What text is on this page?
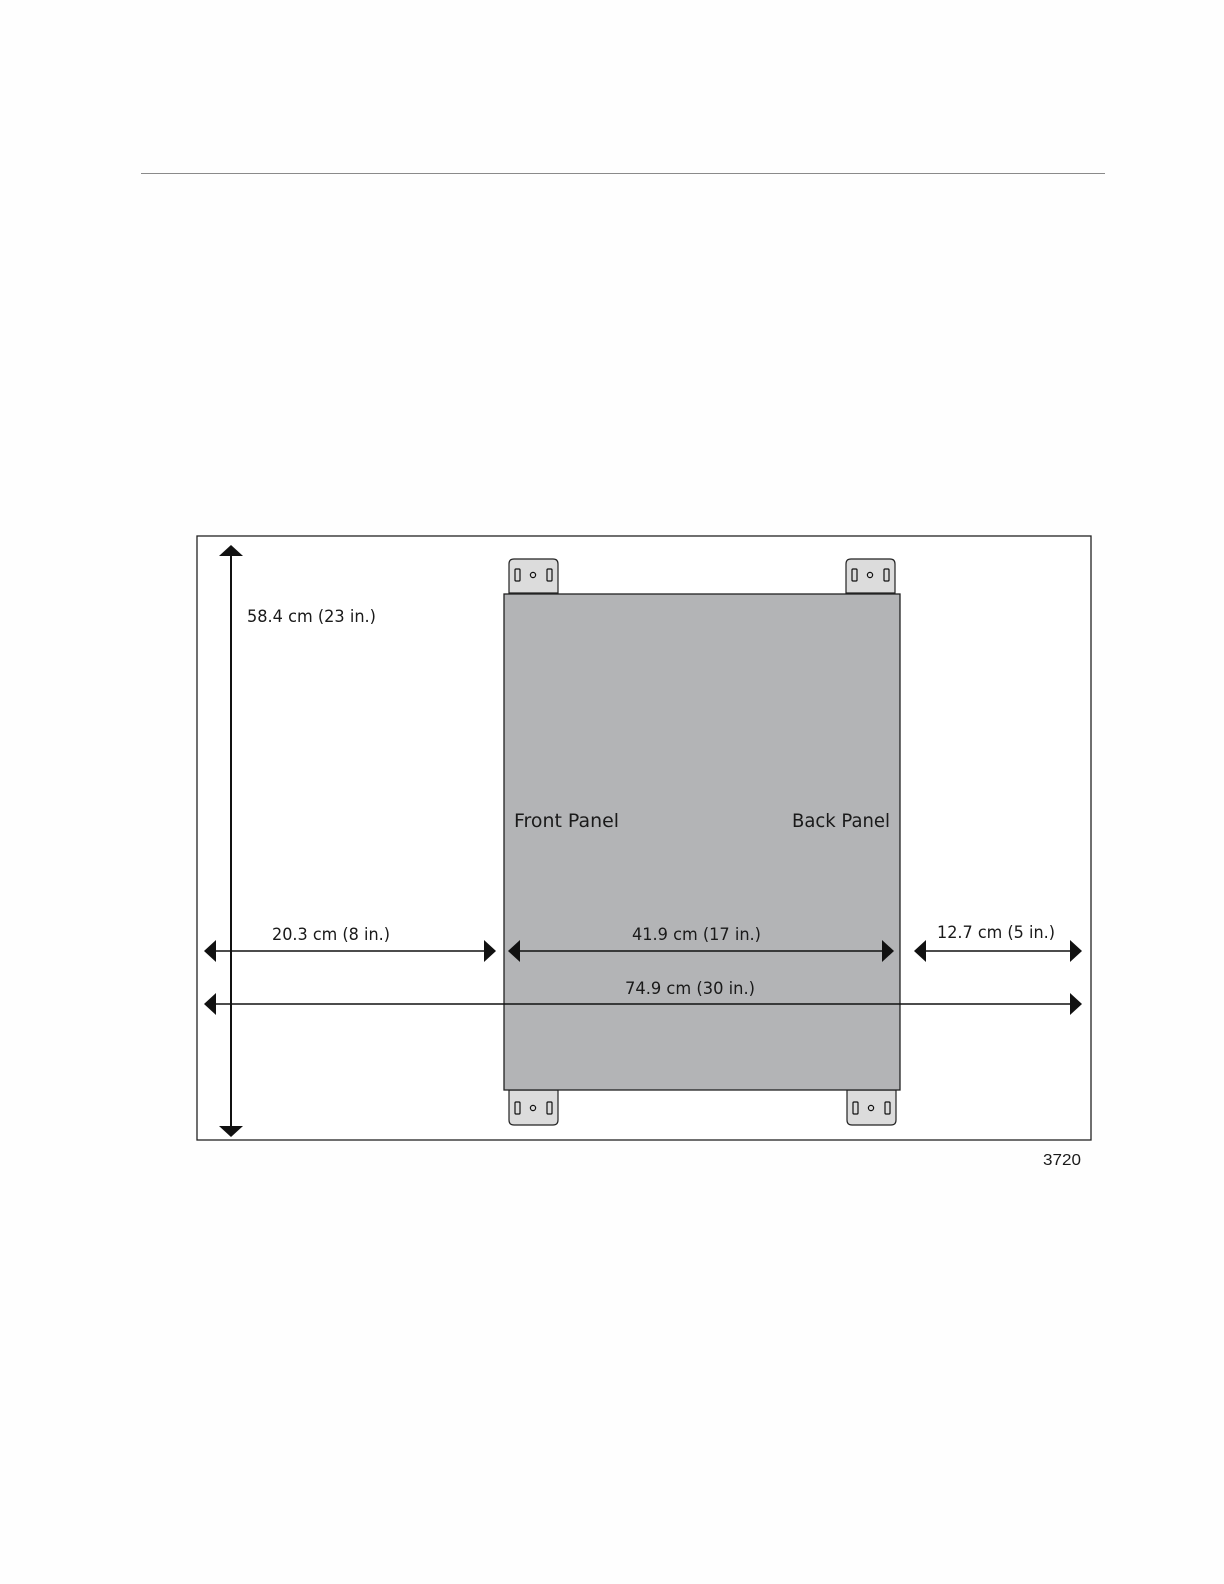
58.4 cm (23 in.)
Front Panel	Back Panel
20.3 cm (8 in.)	41.9 cm (17 in.)	12.7 cm (5 in.)
74.9 cm (30 in.)
3720
